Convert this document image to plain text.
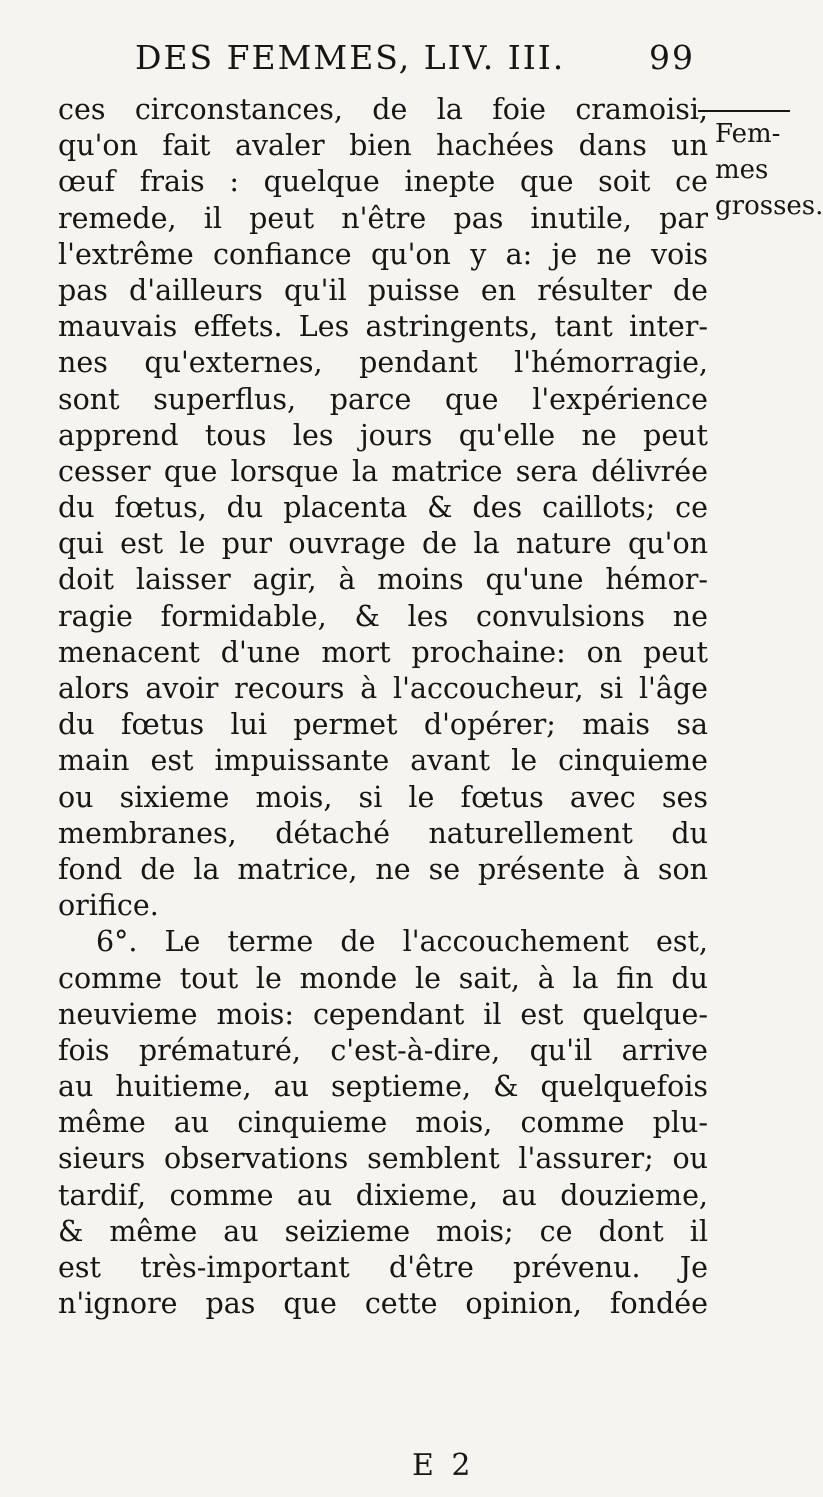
DES FEMMES, LIV. III.	99
Fem-
mes
grosses.
ces circonstances, de la foie cramoisi,
qu'on fait avaler bien hachées dans un
œuf frais : quelque inepte que soit ce
remede, il peut n'être pas inutile, par
l'extrême confiance qu'on y a: je ne vois
pas d'ailleurs qu'il puisse en résulter de
mauvais effets. Les astringents, tant inter-
nes qu'externes, pendant l'hémorragie,
sont superflus, parce que l'expérience
apprend tous les jours qu'elle ne peut
cesser que lorsque la matrice sera délivrée
du fœtus, du placenta & des caillots; ce
qui est le pur ouvrage de la nature qu'on
doit laisser agir, à moins qu'une hémor-
ragie formidable, & les convulsions ne
menacent d'une mort prochaine: on peut
alors avoir recours à l'accoucheur, si l'âge
du fœtus lui permet d'opérer; mais sa
main est impuissante avant le cinquieme
ou sixieme mois, si le fœtus avec ses
membranes, détaché naturellement du
fond de la matrice, ne se présente à son
orifice.
6°. Le terme de l'accouchement est,
comme tout le monde le sait, à la fin du
neuvieme mois: cependant il est quelque-
fois prématuré, c'est-à-dire, qu'il arrive
au huitieme, au septieme, & quelquefois
même au cinquieme mois, comme plu-
sieurs observations semblent l'assurer; ou
tardif, comme au dixieme, au douzieme,
& même au seizieme mois; ce dont il
est très-important d'être prévenu. Je
n'ignore pas que cette opinion, fondée
E 2
